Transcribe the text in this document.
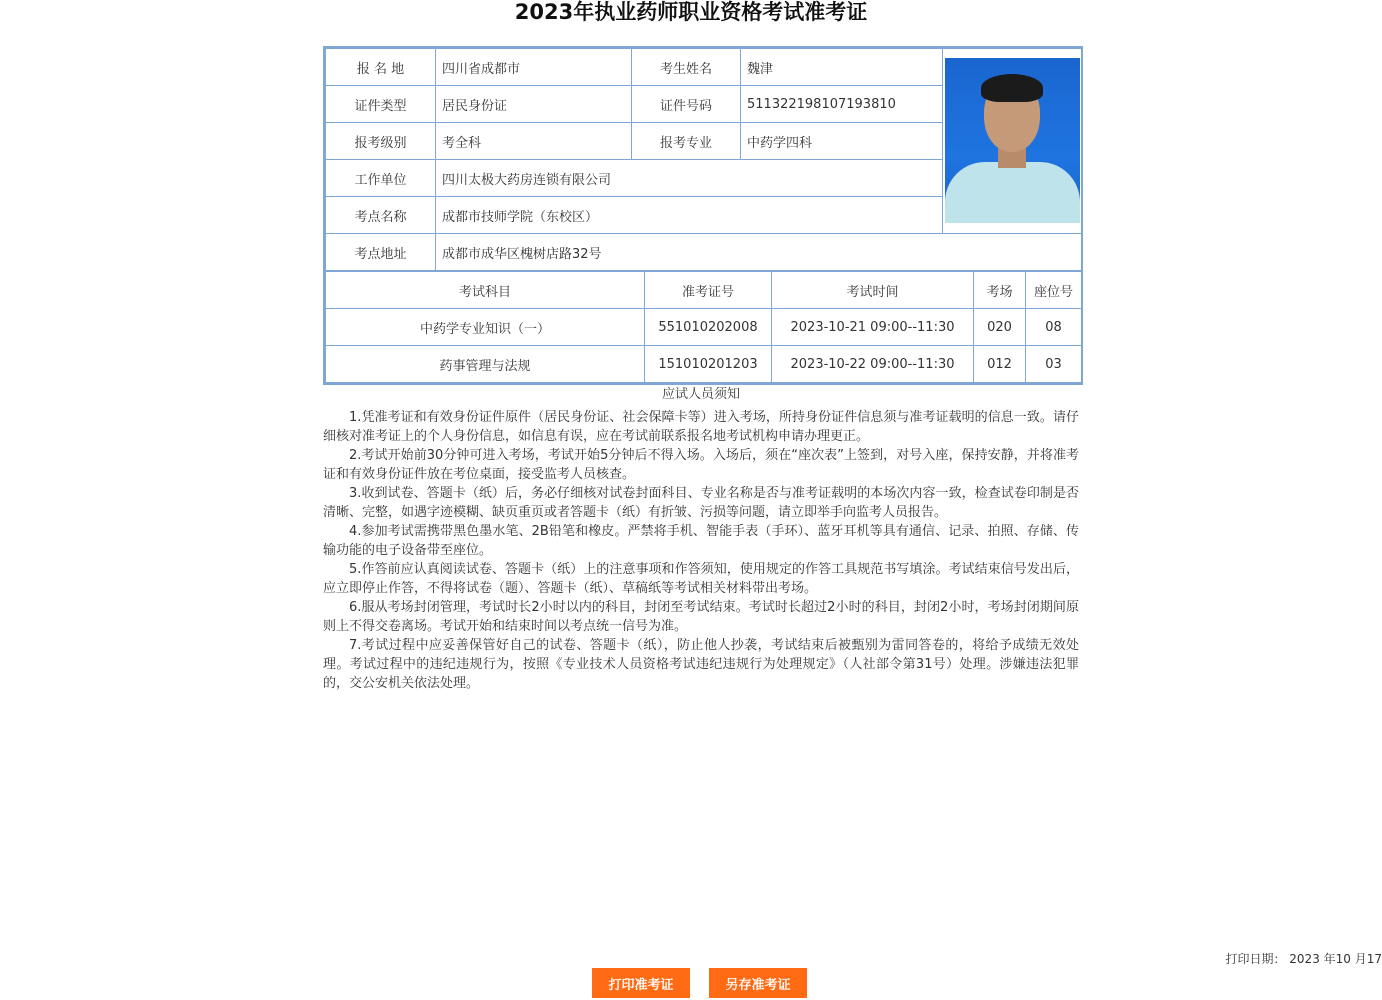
2023年执业药师职业资格考试准考证
报 名 地	四川省成都市	考生姓名	魏津	

证件类型	居民身份证	证件号码	511322198107193810	
报考级别	考全科	报考专业	中药学四科	
工作单位	四川太极大药房连锁有限公司			
考点名称	成都市技师学院（东校区）			
考点地址	成都市成华区槐树店路32号			
考试科目	准考证号	考试时间	考场	座位号
中药学专业知识（一）	551010202008	2023-10-21 09:00--11:30	020	08
药事管理与法规	151010201203	2023-10-22 09:00--11:30	012	03
应试人员须知

1.凭准考证和有效身份证件原件（居民身份证、社会保障卡等）进入考场，所持身份证件信息须与准考证载明的信息一致。请仔细核对准考证上的个人身份信息，如信息有误，应在考试前联系报名地考试机构申请办理更正。

2.考试开始前30分钟可进入考场，考试开始5分钟后不得入场。入场后，须在“座次表”上签到，对号入座，保持安静，并将准考证和有效身份证件放在考位桌面，接受监考人员核查。

3.收到试卷、答题卡（纸）后，务必仔细核对试卷封面科目、专业名称是否与准考证载明的本场次内容一致，检查试卷印制是否清晰、完整，如遇字迹模糊、缺页重页或者答题卡（纸）有折皱、污损等问题，请立即举手向监考人员报告。

4.参加考试需携带黑色墨水笔、2B铅笔和橡皮。严禁将手机、智能手表（手环）、蓝牙耳机等具有通信、记录、拍照、存储、传输功能的电子设备带至座位。

5.作答前应认真阅读试卷、答题卡（纸）上的注意事项和作答须知，使用规定的作答工具规范书写填涂。考试结束信号发出后，应立即停止作答，不得将试卷（题）、答题卡（纸）、草稿纸等考试相关材料带出考场。

6.服从考场封闭管理，考试时长2小时以内的科目，封闭至考试结束。考试时长超过2小时的科目，封闭2小时，考场封闭期间原则上不得交卷离场。考试开始和结束时间以考点统一信号为准。

7.考试过程中应妥善保管好自己的试卷、答题卡（纸），防止他人抄袭，考试结束后被甄别为雷同答卷的，将给予成绩无效处理。考试过程中的违纪违规行为，按照《专业技术人员资格考试违纪违规行为处理规定》（人社部令第31号）处理。涉嫌违法犯罪的，交公安机关依法处理。

打印日期： 2023 年10 月17
打印准考证	另存准考证
